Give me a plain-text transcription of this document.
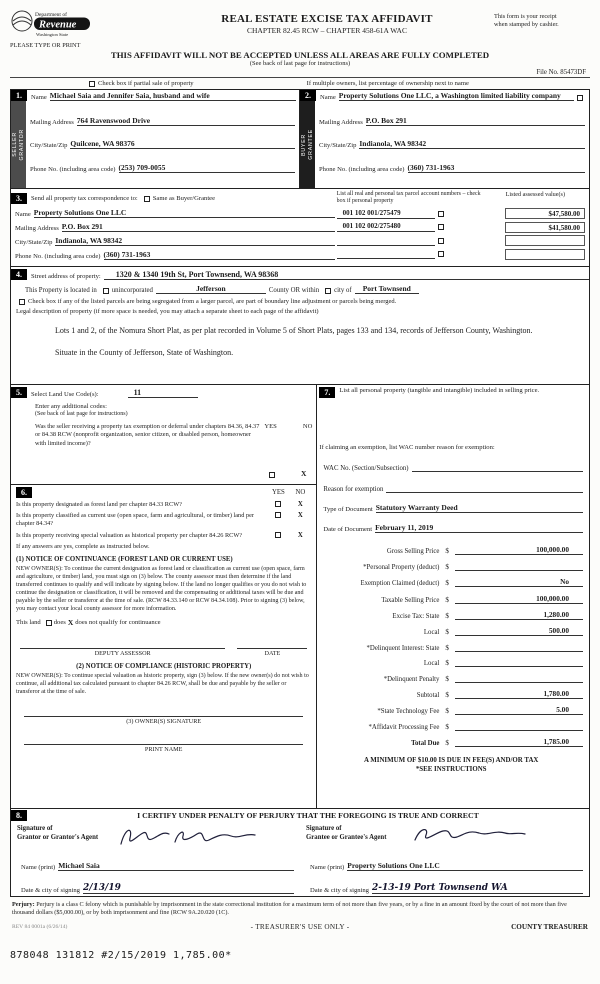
Department of
Revenue
Washington State
PLEASE TYPE OR PRINT
REAL ESTATE EXCISE TAX AFFIDAVIT
CHAPTER 82.45 RCW – CHAPTER 458-61A WAC
This form is your receipt
when stamped by cashier.
THIS AFFIDAVIT WILL NOT BE ACCEPTED UNLESS ALL AREAS ARE FULLY COMPLETED
(See back of last page for instructions)
File No. 85473DF
Check box if partial sale of property	If multiple owners, list percentage of ownership next to name
1.	Name Michael Saia and Jennifer Saia, husband and wife
SELLER GRANTOR
Mailing Address 764 Ravenswood Drive
City/State/Zip Quilcene, WA 98376
Phone No. (including area code) (253) 709-0055
2.	Name Property Solutions One LLC, a Washington limited liability company
BUYER GRANTEE
Mailing Address P.O. Box 291
City/State/Zip Indianola, WA 98342
Phone No. (including area code) (360) 731-1963
3.	Send all property tax correspondence to:	Same as Buyer/Grantee
Name Property Solutions One LLC
Mailing Address P.O. Box 291
City/State/Zip Indianola, WA 98342
Phone No. (including area code) (360) 731-1963
List all real and personal tax parcel account numbers – check box if personal property
Listed assessed value(s)
001 102 001/275479	$47,580.00
001 102 002/275480	$41,580.00
4.	Street address of property:	1320 & 1340 19th St, Port Townsend, WA 98368
This Property is located in unincorporated	Jefferson	County OR within city of	Port Townsend
Check box if any of the listed parcels are being segregated from a larger parcel, are part of boundary line adjustment or parcels being merged.
Legal description of property (if more space is needed, you may attach a separate sheet to each page of the affidavit)
Lots 1 and 2, of the Nomura Short Plat, as per plat recorded in Volume 5 of Short Plats, pages 133 and 134, records of Jefferson County, Washington.
Situate in the County of Jefferson, State of Washington.
5.	Select Land Use Code(s):	11
Enter any additional codes:
(See back of last page for instructions)
Was the seller receiving a property tax exemption or deferral under chapters 84.36, 84.37 or 84.38 RCW (nonprofit organization, senior citizen, or disabled person, homeowner with limited income)?
YES	NO
X
6.	YES	NO
Is this property designated as forest land per chapter 84.33 RCW?	X
Is this property classified as current use (open space, farm and agricultural, or timber) land per chapter 84.34?
X
Is this property receiving special valuation as historical property per chapter 84.26 RCW?	X
If any answers are yes, complete as instructed below.
(1) NOTICE OF CONTINUANCE (FOREST LAND OR CURRENT USE)
NEW OWNER(S): To continue the current designation as forest land or classification as current use (open space, farm and agriculture, or timber) land, you must sign on (3) below. The county assessor must then determine if the land transferred continues to qualify and will indicate by signing below. If the land no longer qualifies or you do not wish to continue the designation or classification, it will be removed and the compensating or additional taxes will be due and payable by the seller or transferor at the time of sale. (RCW 84.33.140 or RCW 84.34.108). Prior to signing (3) below, you may contact your local county assessor for more information.
This land does X does not qualify for continuance
DEPUTY ASSESSOR	DATE
(2) NOTICE OF COMPLIANCE (HISTORIC PROPERTY)
NEW OWNER(S): To continue special valuation as historic property, sign (3) below. If the new owner(s) do not wish to continue, all additional tax calculated pursuant to chapter 84.26 RCW, shall be due and payable by the seller or transferor at the time of sale.
(3) OWNER(S) SIGNATURE
PRINT NAME
7.	List all personal property (tangible and intangible) included in selling price.
If claiming an exemption, list WAC number reason for exemption:
WAC No. (Section/Subsection)
Reason for exemption
Type of Document Statutory Warranty Deed
Date of Document February 11, 2019
Gross Selling Price $	100,000.00
*Personal Property (deduct) $
Exemption Claimed (deduct) $	No
Taxable Selling Price $	100,000.00
Excise Tax: State $	1,280.00
Local $	500.00
*Delinquent Interest: State $
Local $
*Delinquent Penalty $
Subtotal $	1,780.00
*State Technology Fee $	5.00
*Affidavit Processing Fee $
Total Due $	1,785.00
A MINIMUM OF $10.00 IS DUE IN FEE(S) AND/OR TAX
*SEE INSTRUCTIONS
8.	I CERTIFY UNDER PENALTY OF PERJURY THAT THE FOREGOING IS TRUE AND CORRECT
Signature of
Grantor or Grantor's Agent
Name (print) Michael Saia
Date & city of signing 2/13/19
Signature of
Grantee or Grantee's Agent
Name (print) Property Solutions One LLC
Date & city of signing 2-13-19 Port Townsend WA
Perjury: Perjury is a class C felony which is punishable by imprisonment in the state correctional institution for a maximum term of not more than five years, or by a fine in an amount fixed by the court of not more than five thousand dollars ($5,000.00), or by both imprisonment and fine (RCW 9A.20.020 (1C).
REV 84 0001a (6/26/14)	- TREASURER'S USE ONLY -	COUNTY TREASURER
878048 131812 #2/15/2019 1,785.00*
